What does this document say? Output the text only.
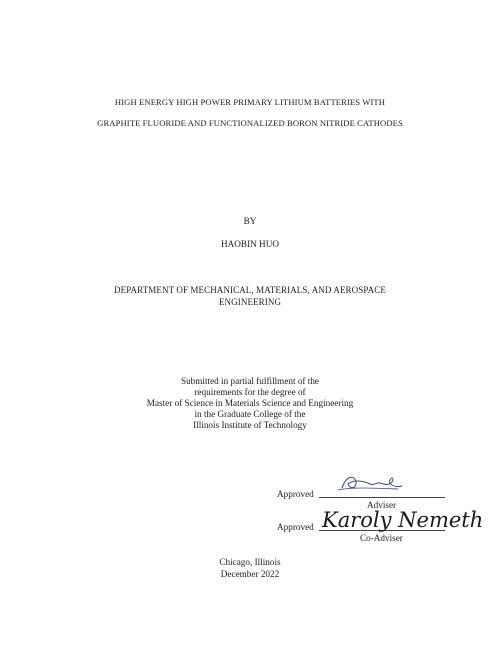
HIGH ENERGY HIGH POWER PRIMARY LITHIUM BATTERIES WITH
GRAPHITE FLUORIDE AND FUNCTIONALIZED BORON NITRIDE CATHODES
BY
HAOBIN HUO
DEPARTMENT OF MECHANICAL, MATERIALS, AND AEROSPACE
ENGINEERING
Submitted in partial fulfillment of the
requirements for the degree of
Master of Science in Materials Science and Engineering
in the Graduate College of the
Illinois Institute of Technology
Approved
Adviser
Approved Karoly Nemeth
Co-Adviser
Chicago, Illinois
December 2022
